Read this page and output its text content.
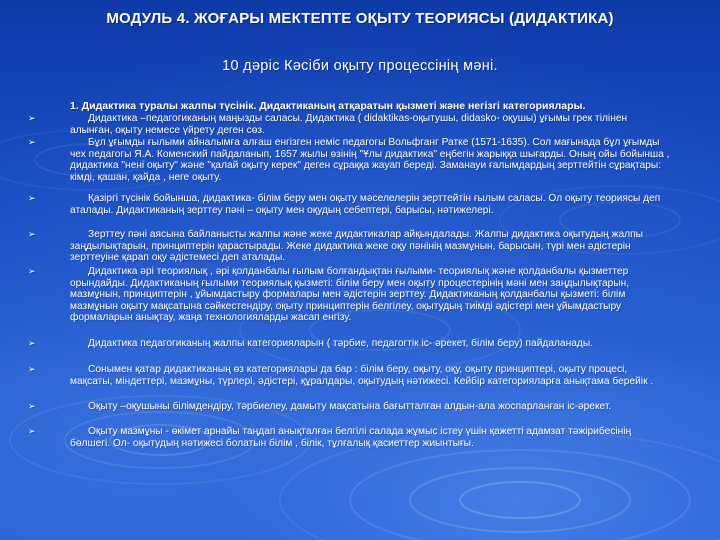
МОДУЛЬ 4. ЖОҒАРЫ МЕКТЕПТЕ ОҚЫТУ ТЕОРИЯСЫ (ДИДАКТИКА)
10 дәріс Кәсіби оқыту процессінің мәні.
1. Дидактика туралы жалпы түсінік. Дидактиканың атқаратын қызметі және негізгі категориялары.
➢	Дидактика –педагогиканың маңызды саласы. Дидактика ( didaktikas-оқытушы, didasko- оқушы) ұғымы грек тілінен алынған, оқыту немесе үйрету деген сөз.
➢	Бұл ұғымды ғылыми айналымға алғаш енгізген неміс педагогы Вольфганг Ратке (1571-1635). Сол мағынада бұл ұғымды чех педагогы Я.А. Коменский пайдаланып, 1657 жылы өзінің "Ұлы дидактика" еңбегін жарыққа шығарды. Оның ойы бойынша , дидактика "нені оқыту" және "қалай оқыту керек" деген сұраққа жауап береді. Заманауи ғалымдардың зерттейтін сұрақтары: кімді, қашан, қайда , неге оқыту.
➢	Қазіргі түсінік бойынша, дидактика- білім беру мен оқыту мәселелерін зерттейтін ғылым саласы. Ол оқыту теориясы деп аталады. Дидактиканың зерттеу пәні – оқыту мен оқудың себептері, барысы, нәтижелері.
➢	Зерттеу пәні аясына байланысты жалпы және жеке дидактикалар айқындалады. Жалпы дидактика оқытудың жалпы заңдылықтарын, принциптерін қарастырады. Жеке дидактика жеке оқу пәнінің мазмұнын, барысын, түрі мен әдістерін зерттеуіне қарап оқу әдістемесі деп аталады.
➢	Дидактика әрі теориялық , әрі қолданбалы ғылым болғандықтан ғылыми- теориялық және қолданбалы қызметтер орындайды. Дидактиканың ғылыми теориялық қызметі: білім беру мен оқыту процестерінің мәні мен заңдылықтарын, мазмұнын, принциптерін , ұйымдастыру формалары мен әдістерін зерттеу. Дидактиканың қолданбалы қызметі: білім мазмұнын оқыту мақсатына сәйкестендіру, оқыту принциптерін белгілеу, оқытудың тиімді әдістері мен ұйымдастыру формаларын анықтау, жаңа технологияларды жасап енгізу.
➢	Дидактика педагогиканың жалпы категорияларын ( тәрбие, педагогтік іс- әрекет, білім беру) пайдаланады.
➢	Сонымен қатар дидактиканың өз категориялары да бар : білім беру, оқыту, оқу, оқыту принциптері, оқыту процесі, мақсаты, міндеттері, мазмұны, түрлері, әдістері, құралдары, оқытудың нәтижесі. Кейбір категорияларға анықтама берейік .
➢	Оқыту –оқушыны білімдендіру, тәрбиелеу, дамыту мақсатына бағытталған алдын-ала жоспарланған іс-әрекет.
➢	Оқыту мазмұны - өкімет арнайы таңдап анықталған белгілі салада жұмыс істеу үшін қажетті адамзат тәжірибесінің бөлшегі. Ол- оқытудың нәтижесі болатын білім , білік, тұлғалық қасиеттер жиынтығы.
